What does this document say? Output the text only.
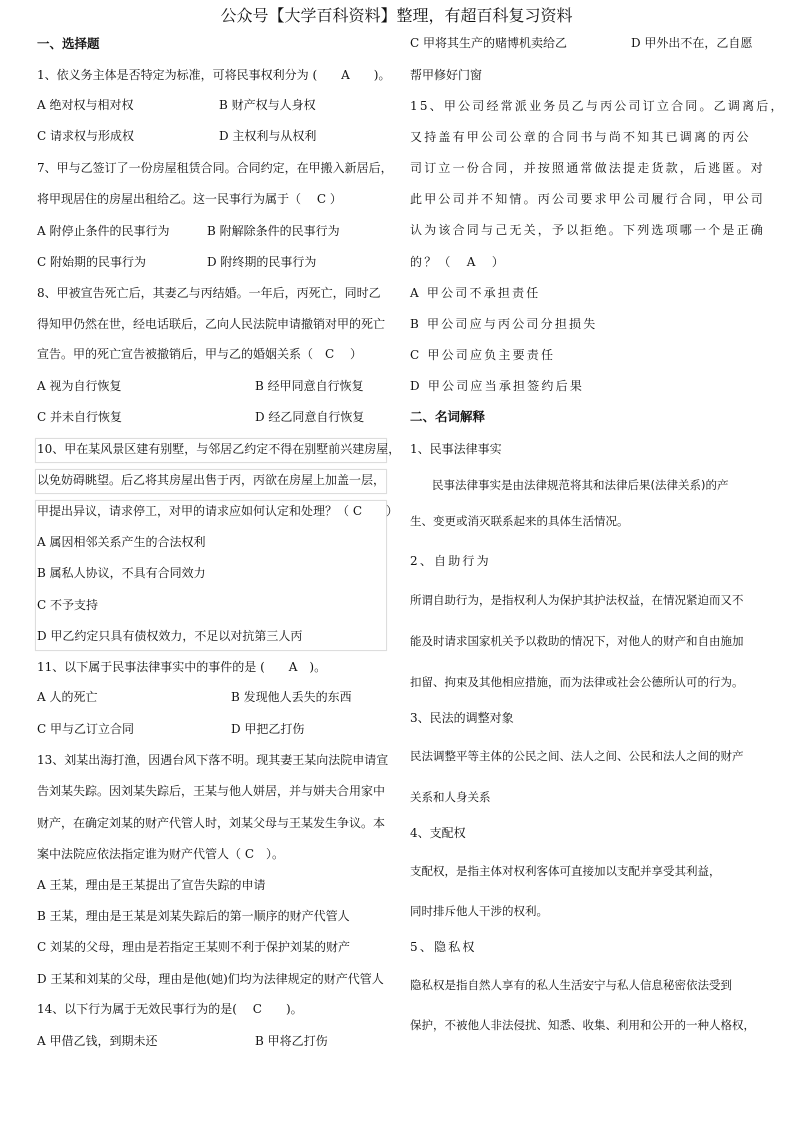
公众号【大学百科资料】整理，有超百科复习资料
一、选择题
1、依义务主体是否特定为标准，可将民事权利分为 (　　A　　)。
A 绝对权与相对权	B 财产权与人身权
C 请求权与形成权	D 主权利与从权利
7、甲与乙签订了一份房屋租赁合同。合同约定，在甲搬入新居后，
将甲现居住的房屋出租给乙。这一民事行为属于（　 C ）
A 附停止条件的民事行为	B 附解除条件的民事行为
C 附始期的民事行为	D 附终期的民事行为
8、甲被宣告死亡后，其妻乙与丙结婚。一年后，丙死亡，同时乙
得知甲仍然在世，经电话联后，乙向人民法院申请撤销对甲的死亡
宣告。甲的死亡宣告被撤销后，甲与乙的婚姻关系（　C　 ）
A 视为自行恢复	B 经甲同意自行恢复
C 并未自行恢复	D 经乙同意自行恢复
10、甲在某风景区建有别墅，与邻居乙约定不得在别墅前兴建房屋，
以免妨碍眺望。后乙将其房屋出售于丙，丙欲在房屋上加盖一层，
甲提出异议，请求停工，对甲的请求应如何认定和处理？（ C　　）
A 属因相邻关系产生的合法权利
B 属私人协议，不具有合同效力
C 不予支持
D 甲乙约定只具有债权效力，不足以对抗第三人丙
11、以下属于民事法律事实中的事件的是 (　　A　)。
A 人的死亡	B 发现他人丢失的东西
C 甲与乙订立合同	D 甲把乙打伤
13、刘某出海打渔，因遇台风下落不明。现其妻王某向法院申请宣
告刘某失踪。因刘某失踪后，王某与他人姘居，并与姘夫合用家中
财产，在确定刘某的财产代管人时，刘某父母与王某发生争议。本
案中法院应依法指定谁为财产代管人（ C　）。
A 王某，理由是王某提出了宣告失踪的申请
B 王某，理由是王某是刘某失踪后的第一顺序的财产代管人
C 刘某的父母，理由是若指定王某则不利于保护刘某的财产
D 王某和刘某的父母，理由是他(她)们均为法律规定的财产代管人
14、以下行为属于无效民事行为的是(　 C　　)。
A 甲借乙钱，到期未还	B 甲将乙打伤
C 甲将其生产的赌博机卖给乙	D 甲外出不在，乙自愿
帮甲修好门窗
15、甲公司经常派业务员乙与丙公司订立合同。乙调离后，
又持盖有甲公司公章的合同书与尚不知其已调离的丙公
司订立一份合同，并按照通常做法提走货款，后逃匿。对
此甲公司并不知情。丙公司要求甲公司履行合同，甲公司
认为该合同与己无关，予以拒绝。下列选项哪一个是正确
的？（　A　）
A 甲公司不承担责任
B 甲公司应与丙公司分担损失
C 甲公司应负主要责任
D 甲公司应当承担签约后果
二、名词解释
1、民事法律事实
民事法律事实是由法律规范将其和法律后果(法律关系)的产
生、变更或消灭联系起来的具体生活情况。
2、自助行为
所谓自助行为，是指权利人为保护其护法权益，在情况紧迫而又不
能及时请求国家机关予以救助的情况下，对他人的财产和自由施加
扣留、拘束及其他相应措施，而为法律或社会公德所认可的行为。
3、民法的调整对象
民法调整平等主体的公民之间、法人之间、公民和法人之间的财产
关系和人身关系
4、支配权
支配权，是指主体对权利客体可直接加以支配并享受其利益，
同时排斥他人干涉的权利。
5、隐私权
隐私权是指自然人享有的私人生活安宁与私人信息秘密依法受到
保护，不被他人非法侵扰、知悉、收集、利用和公开的一种人格权，
